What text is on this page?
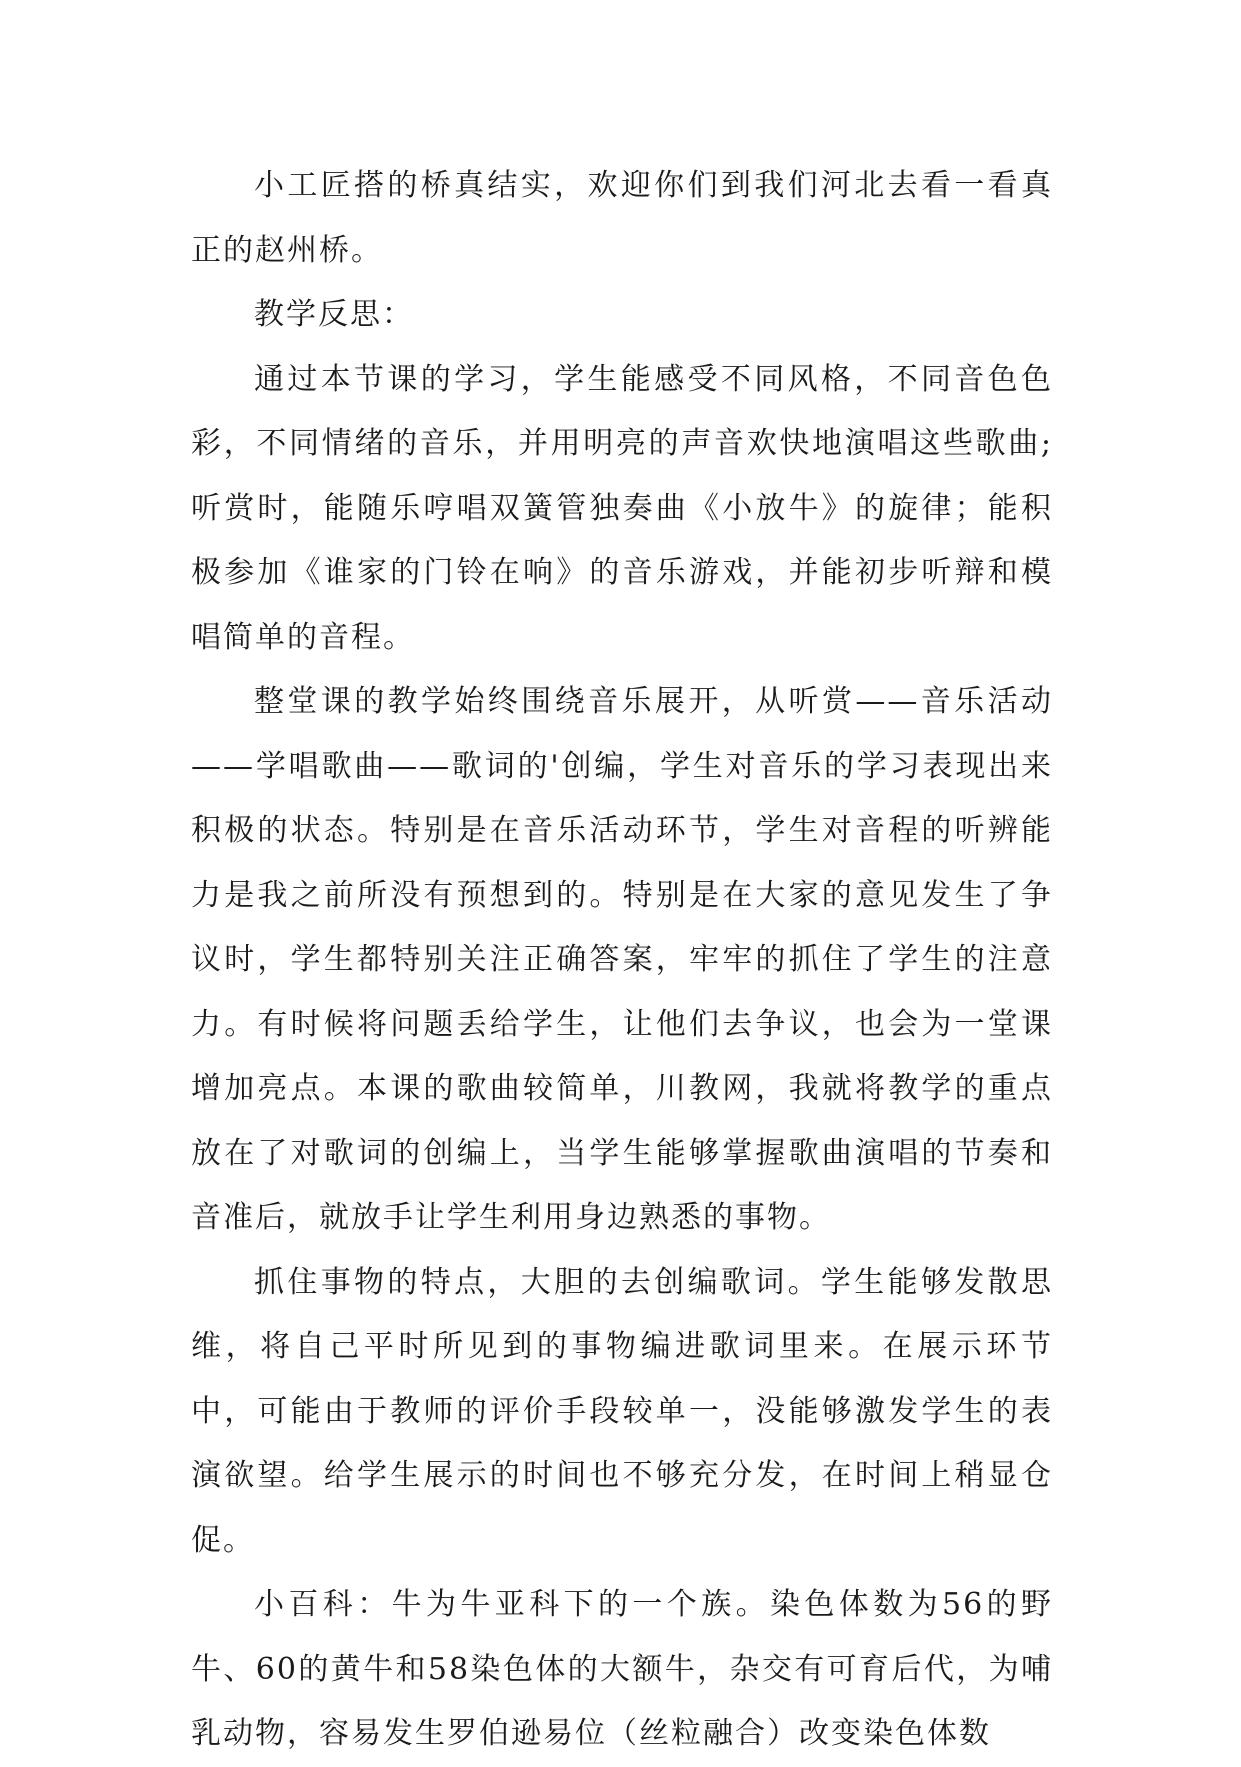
小工匠搭的桥真结实，欢迎你们到我们河北去看一看真正的赵州桥。

教学反思：

通过本节课的学习，学生能感受不同风格，不同音色色彩，不同情绪的音乐，并用明亮的声音欢快地演唱这些歌曲;听赏时，能随乐哼唱双簧管独奏曲《小放牛》的旋律；能积极参加《谁家的门铃在响》的音乐游戏，并能初步听辩和模唱简单的音程。

整堂课的教学始终围绕音乐展开，从听赏——音乐活动——学唱歌曲——歌词的'创编，学生对音乐的学习表现出来积极的状态。特别是在音乐活动环节，学生对音程的听辨能力是我之前所没有预想到的。特别是在大家的意见发生了争议时，学生都特别关注正确答案，牢牢的抓住了学生的注意力。有时候将问题丢给学生，让他们去争议，也会为一堂课增加亮点。本课的歌曲较简单，川教网，我就将教学的重点放在了对歌词的创编上，当学生能够掌握歌曲演唱的节奏和音准后，就放手让学生利用身边熟悉的事物。

抓住事物的特点，大胆的去创编歌词。学生能够发散思维，将自己平时所见到的事物编进歌词里来。在展示环节中，可能由于教师的评价手段较单一，没能够激发学生的表演欲望。给学生展示的时间也不够充分发，在时间上稍显仓促。

小百科：牛为牛亚科下的一个族。染色体数为56的野牛、60的黄牛和58染色体的大额牛，杂交有可育后代，为哺乳动物，容易发生罗伯逊易位（丝粒融合）改变染色体数
